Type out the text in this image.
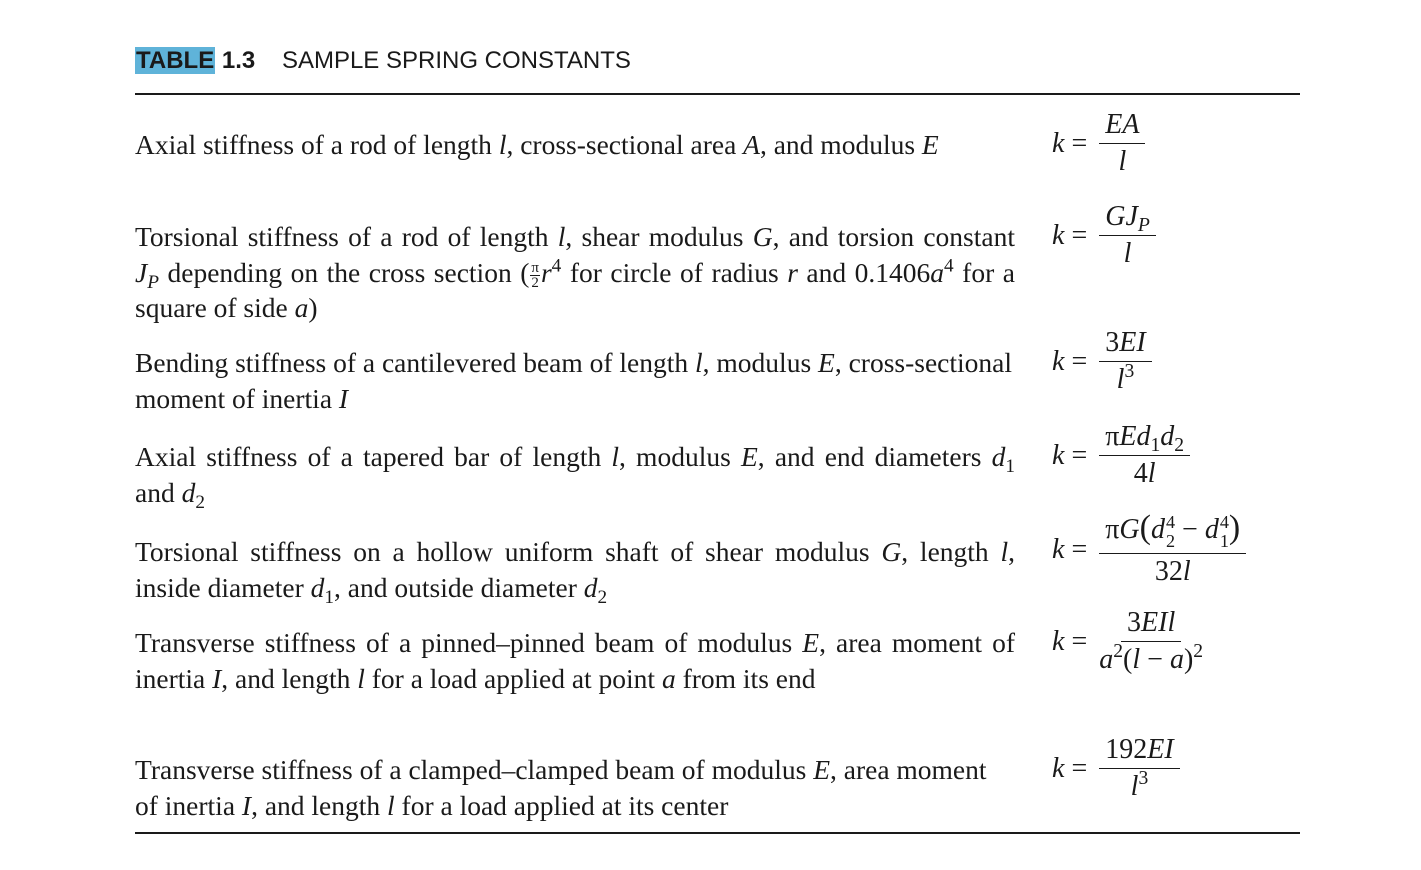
TABLE 1.3 SAMPLE SPRING CONSTANTS
Axial stiffness of a rod of length l, cross-sectional area A, and modulus E	$k = \frac{EA}{l}$
Torsional stiffness of a rod of length l, shear modulus G, and torsion constant $J_P$ depending on the cross section ( $\frac{\pi}{2} r^4$ for circle of radius r and $0.1406a^4$ for a square of side a)
$k = \frac{GJ_P}{l}$
Bending stiffness of a cantilevered beam of length l, modulus E, cross-sectional moment of inertia I
$k = \frac{3EI}{l^3}$
Axial stiffness of a tapered bar of length l, modulus E, and end diameters $d_1$ and $d_2$
$k = \frac{\pi Ed_1d_2}{4l}$
Torsional stiffness on a hollow uniform shaft of shear modulus G, length l, inside diameter $d_1$, and outside diameter $d_2$
k = πG(d 4
2 − d 4
1 )
32l
Transverse stiffness of a pinned–pinned beam of modulus E, area moment of inertia I, and length l for a load applied at point a from its end
$k = \frac{\text{3EIl}}{a^2(l - a)^2}$
Transverse stiffness of a clamped–clamped beam of modulus E, area moment of inertia I, and length l for a load applied at its center
$k = \frac{192EI}{l^3}$
